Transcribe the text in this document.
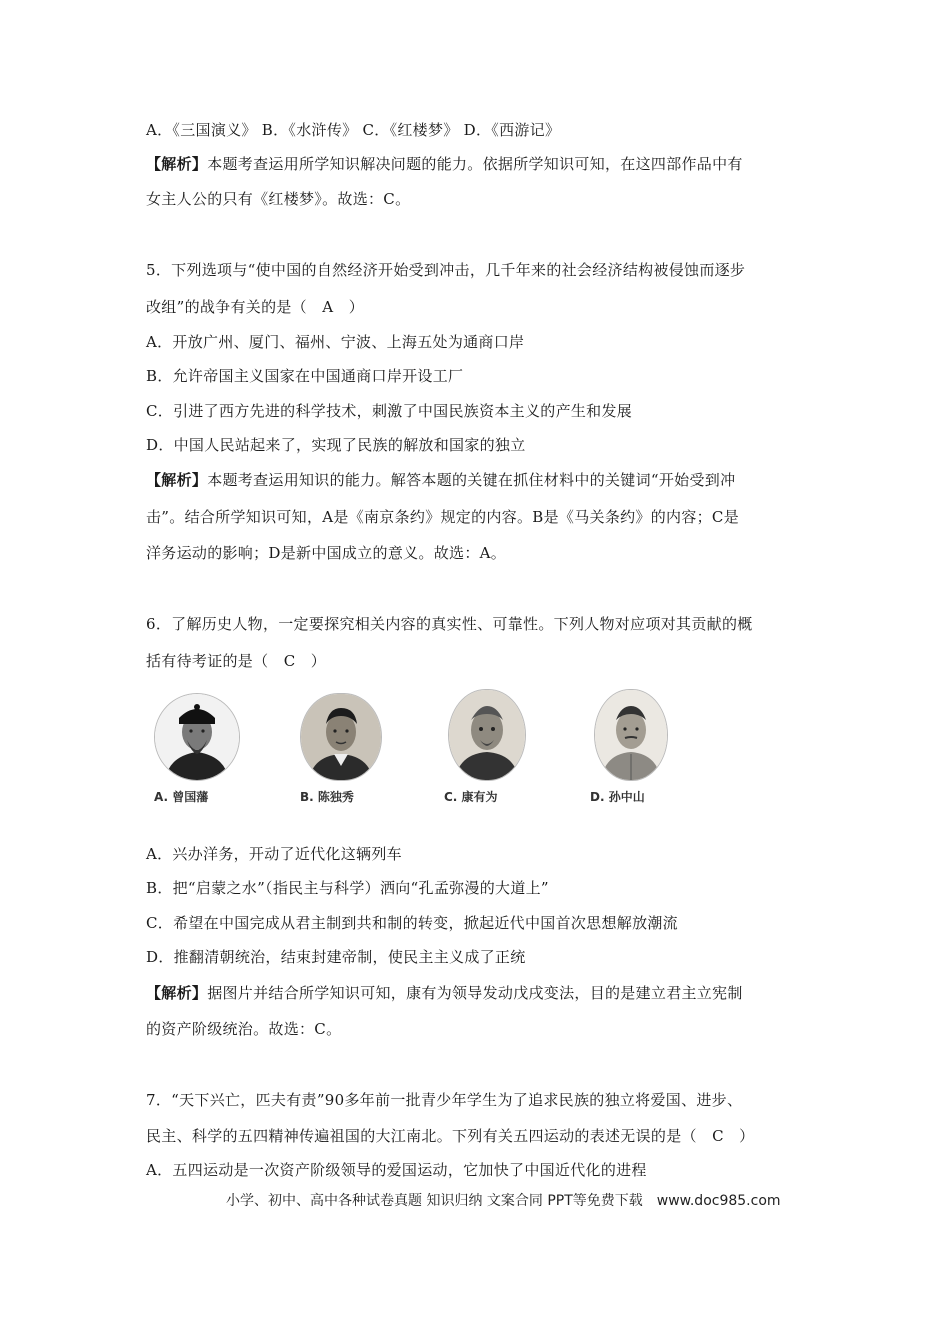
A．《三国演义》 B．《水浒传》 C．《红楼梦》 D．《西游记》
【解析】本题考查运用所学知识解决问题的能力。依据所学知识可知，在这四部作品中有
女主人公的只有《红楼梦》。故选：C。
5．下列选项与“使中国的自然经济开始受到冲击，几千年来的社会经济结构被侵蚀而逐步
改组”的战争有关的是（　A　）
A．开放广州、厦门、福州、宁波、上海五处为通商口岸
B．允许帝国主义国家在中国通商口岸开设工厂
C．引进了西方先进的科学技术，刺激了中国民族资本主义的产生和发展
D．中国人民站起来了，实现了民族的解放和国家的独立
【解析】本题考查运用知识的能力。解答本题的关键在抓住材料中的关键词“开始受到冲
击”。结合所学知识可知，A是《南京条约》规定的内容。B是《马关条约》的内容；C是
洋务运动的影响；D是新中国成立的意义。故选：A。
6．了解历史人物，一定要探究相关内容的真实性、可靠性。下列人物对应项对其贡献的概
括有待考证的是（　C　）
A. 曾国藩	B. 陈独秀	C. 康有为	D. 孙中山
A．兴办洋务，开动了近代化这辆列车
B．把“启蒙之水”（指民主与科学）洒向“孔孟弥漫的大道上”
C．希望在中国完成从君主制到共和制的转变，掀起近代中国首次思想解放潮流
D．推翻清朝统治，结束封建帝制，使民主主义成了正统
【解析】据图片并结合所学知识可知，康有为领导发动戊戌变法，目的是建立君主立宪制
的资产阶级统治。故选：C。
7．“天下兴亡，匹夫有责”90多年前一批青少年学生为了追求民族的独立将爱国、进步、
民主、科学的五四精神传遍祖国的大江南北。下列有关五四运动的表述无误的是（　C　）
A．五四运动是一次资产阶级领导的爱国运动，它加快了中国近代化的进程
小学、初中、高中各种试卷真题 知识归纳 文案合同 PPT等免费下载　www.doc985.com
